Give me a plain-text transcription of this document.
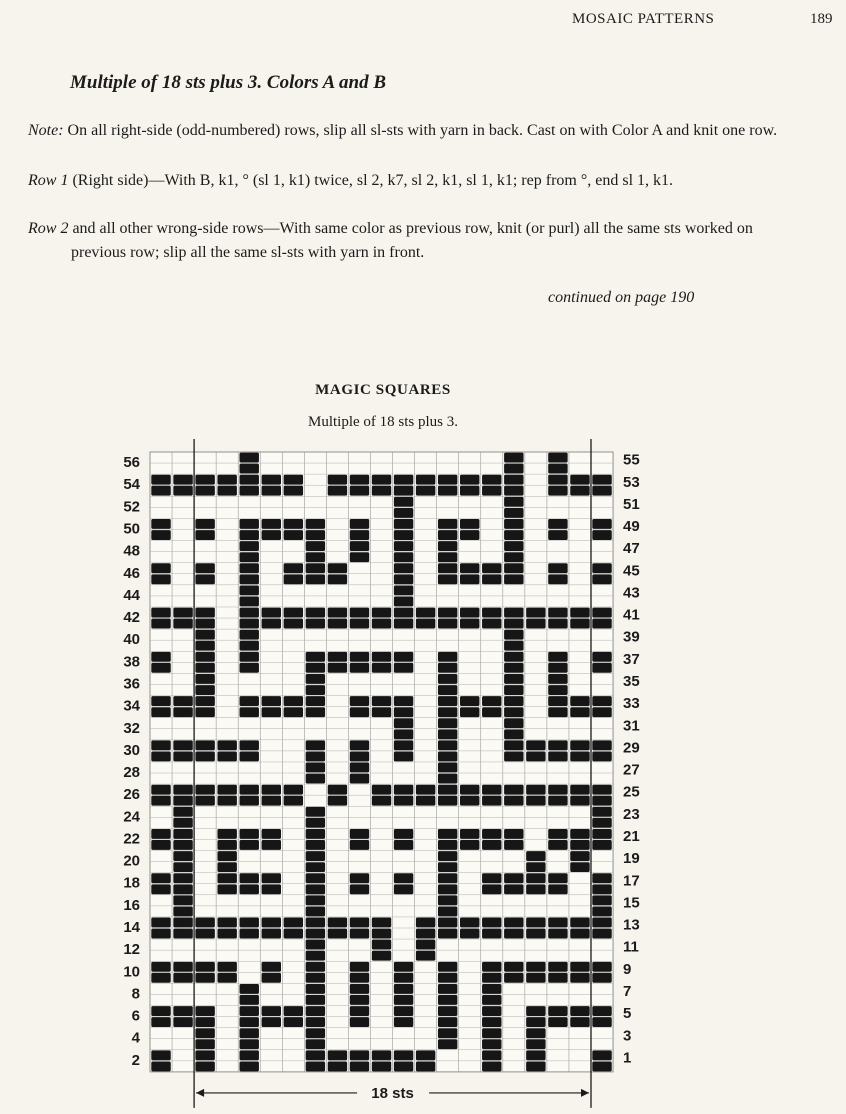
MOSAIC PATTERNS	189
Multiple of 18 sts plus 3. Colors A and B
Note: On all right-side (odd-numbered) rows, slip all sl-sts with yarn in back. Cast on with Color A and knit one row.
Row 1 (Right side)—With B, k1, ° (sl 1, k1) twice, sl 2, k7, sl 2, k1, sl 1, k1; rep from °, end sl 1, k1.
Row 2 and all other wrong-side rows—With same color as previous row, knit (or purl) all the same sts worked on previous row; slip all the same sl-sts with yarn in front.
continued on page 190
MAGIC SQUARES
Multiple of 18 sts plus 3.
56
54
52
50
48
46
44
42
40
38
36
34
32
30
28
26
24
22
20
18
16
14
12
10
8
6
4
2
55
53
51
49
47
45
43
41
39
37
35
33
31
29
27
25
23
21
19
17
15
13
11
9
7
5
3
1
18 sts
